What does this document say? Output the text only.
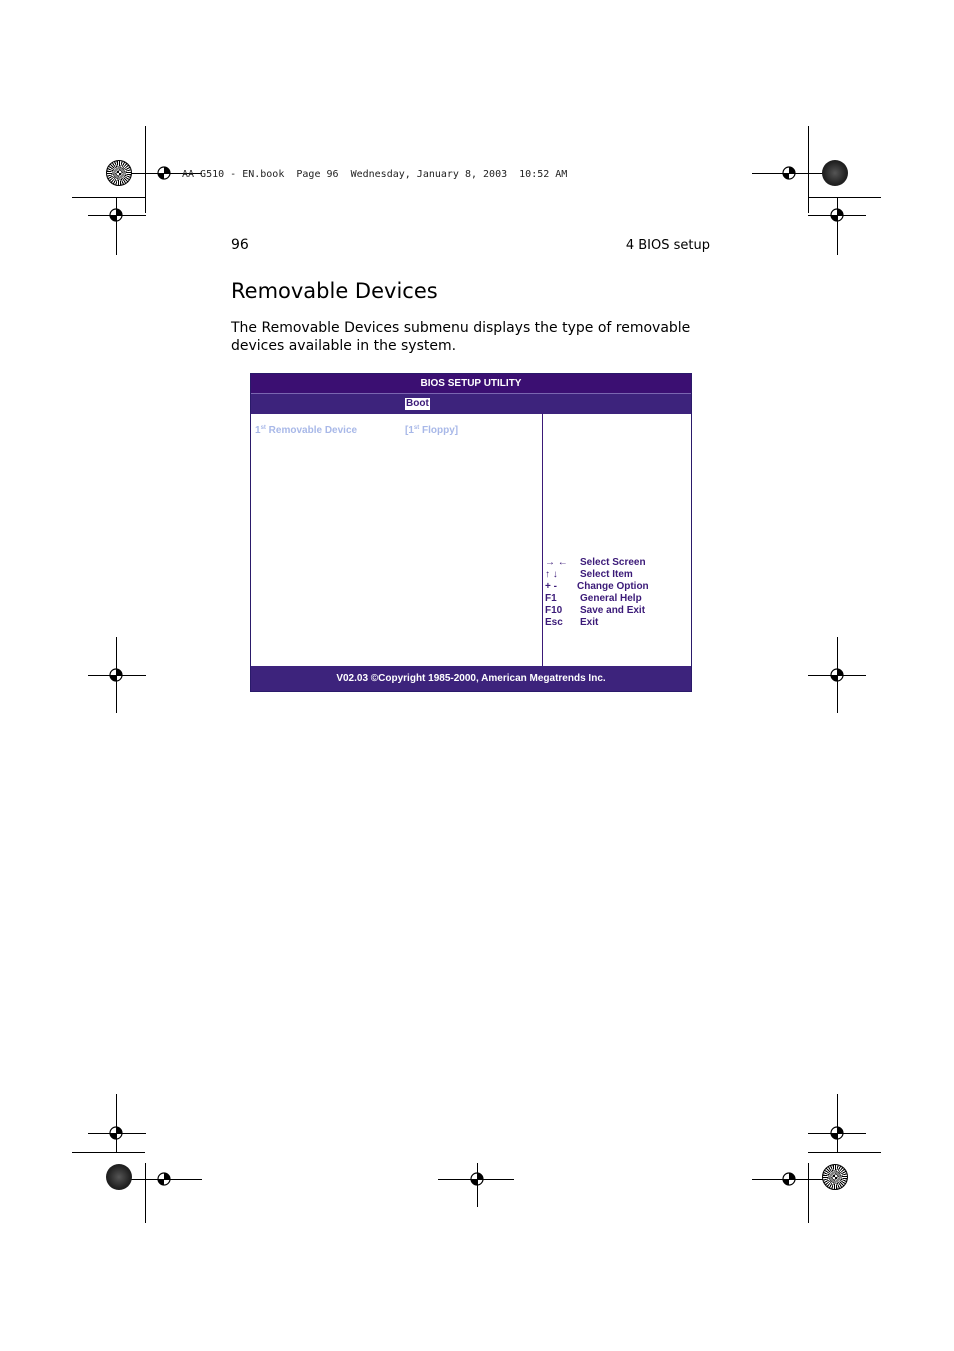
AA G510 - EN.book  Page 96  Wednesday, January 8, 2003  10:52 AM
96	4 BIOS setup
Removable Devices

The Removable Devices submenu displays the type of removable devices available in the system.

BIOS SETUP UTILITY
Boot
1st Removable Device	[1st Floppy]
→ ← Select Screen
↑ ↓ Select Item
+ - Change Option
F1 General Help
F10 Save and Exit
Esc Exit
V02.03 ©Copyright 1985-2000, American Megatrends Inc.
